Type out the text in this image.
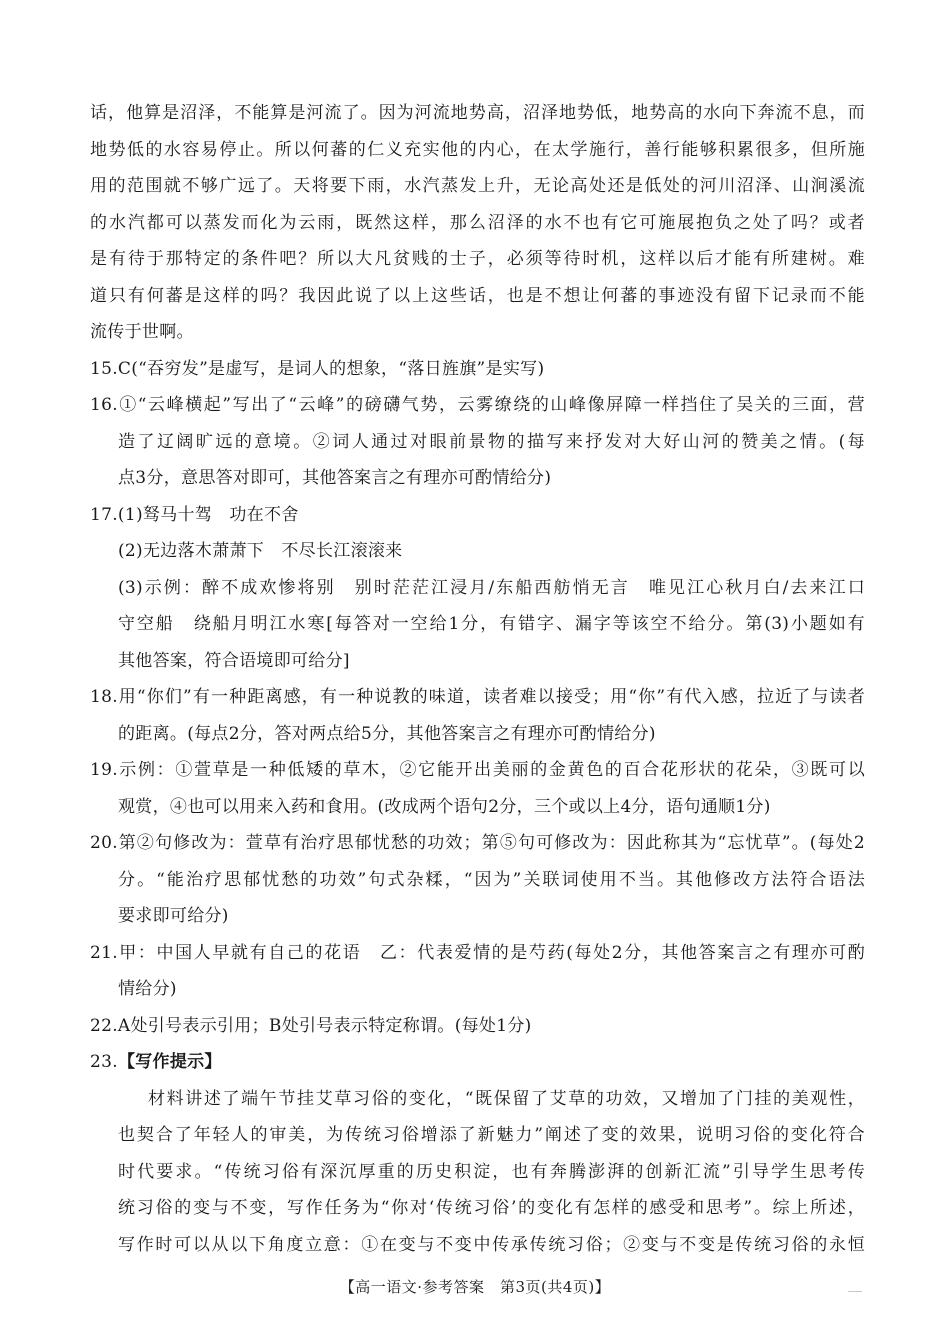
话，他算是沼泽，不能算是河流了。因为河流地势高，沼泽地势低，地势高的水向下奔流不息，而
地势低的水容易停止。所以何蕃的仁义充实他的内心，在太学施行，善行能够积累很多，但所施
用的范围就不够广远了。天将要下雨，水汽蒸发上升，无论高处还是低处的河川沼泽、山涧溪流
的水汽都可以蒸发而化为云雨，既然这样，那么沼泽的水不也有它可施展抱负之处了吗？或者
是有待于那特定的条件吧？所以大凡贫贱的士子，必须等待时机，这样以后才能有所建树。难
道只有何蕃是这样的吗？我因此说了以上这些话，也是不想让何蕃的事迹没有留下记录而不能
流传于世啊。
15.C(“吞穷发”是虚写，是词人的想象，“落日旌旗”是实写)
16.①“云峰横起”写出了“云峰”的磅礴气势，云雾缭绕的山峰像屏障一样挡住了吴关的三面，营
造了辽阔旷远的意境。②词人通过对眼前景物的描写来抒发对大好山河的赞美之情。(每
点3分，意思答对即可，其他答案言之有理亦可酌情给分)
17.(1)驽马十驾　功在不舍
(2)无边落木萧萧下　不尽长江滚滚来
(3)示例：醉不成欢惨将别　别时茫茫江浸月/东船西舫悄无言　唯见江心秋月白/去来江口
守空船　绕船月明江水寒[每答对一空给1分，有错字、漏字等该空不给分。第(3)小题如有
其他答案，符合语境即可给分]
18.用“你们”有一种距离感，有一种说教的味道，读者难以接受；用“你”有代入感，拉近了与读者
的距离。(每点2分，答对两点给5分，其他答案言之有理亦可酌情给分)
19.示例：①萱草是一种低矮的草木，②它能开出美丽的金黄色的百合花形状的花朵，③既可以
观赏，④也可以用来入药和食用。(改成两个语句2分，三个或以上4分，语句通顺1分)
20.第②句修改为：萱草有治疗思郁忧愁的功效；第⑤句可修改为：因此称其为“忘忧草”。(每处2
分。“能治疗思郁忧愁的功效”句式杂糅，“因为”关联词使用不当。其他修改方法符合语法
要求即可给分)
21.甲：中国人早就有自己的花语　乙：代表爱情的是芍药(每处2分，其他答案言之有理亦可酌
情给分)
22.A处引号表示引用；B处引号表示特定称谓。(每处1分)
23.【写作提示】
材料讲述了端午节挂艾草习俗的变化，“既保留了艾草的功效，又增加了门挂的美观性，
也契合了年轻人的审美，为传统习俗增添了新魅力”阐述了变的效果，说明习俗的变化符合
时代要求。“传统习俗有深沉厚重的历史积淀，也有奔腾澎湃的创新汇流”引导学生思考传
统习俗的变与不变，写作任务为“你对‘传统习俗’的变化有怎样的感受和思考”。综上所述，
写作时可以从以下角度立意：①在变与不变中传承传统习俗；②变与不变是传统习俗的永恒
【高一语文·参考答案　第3页(共4页)】
